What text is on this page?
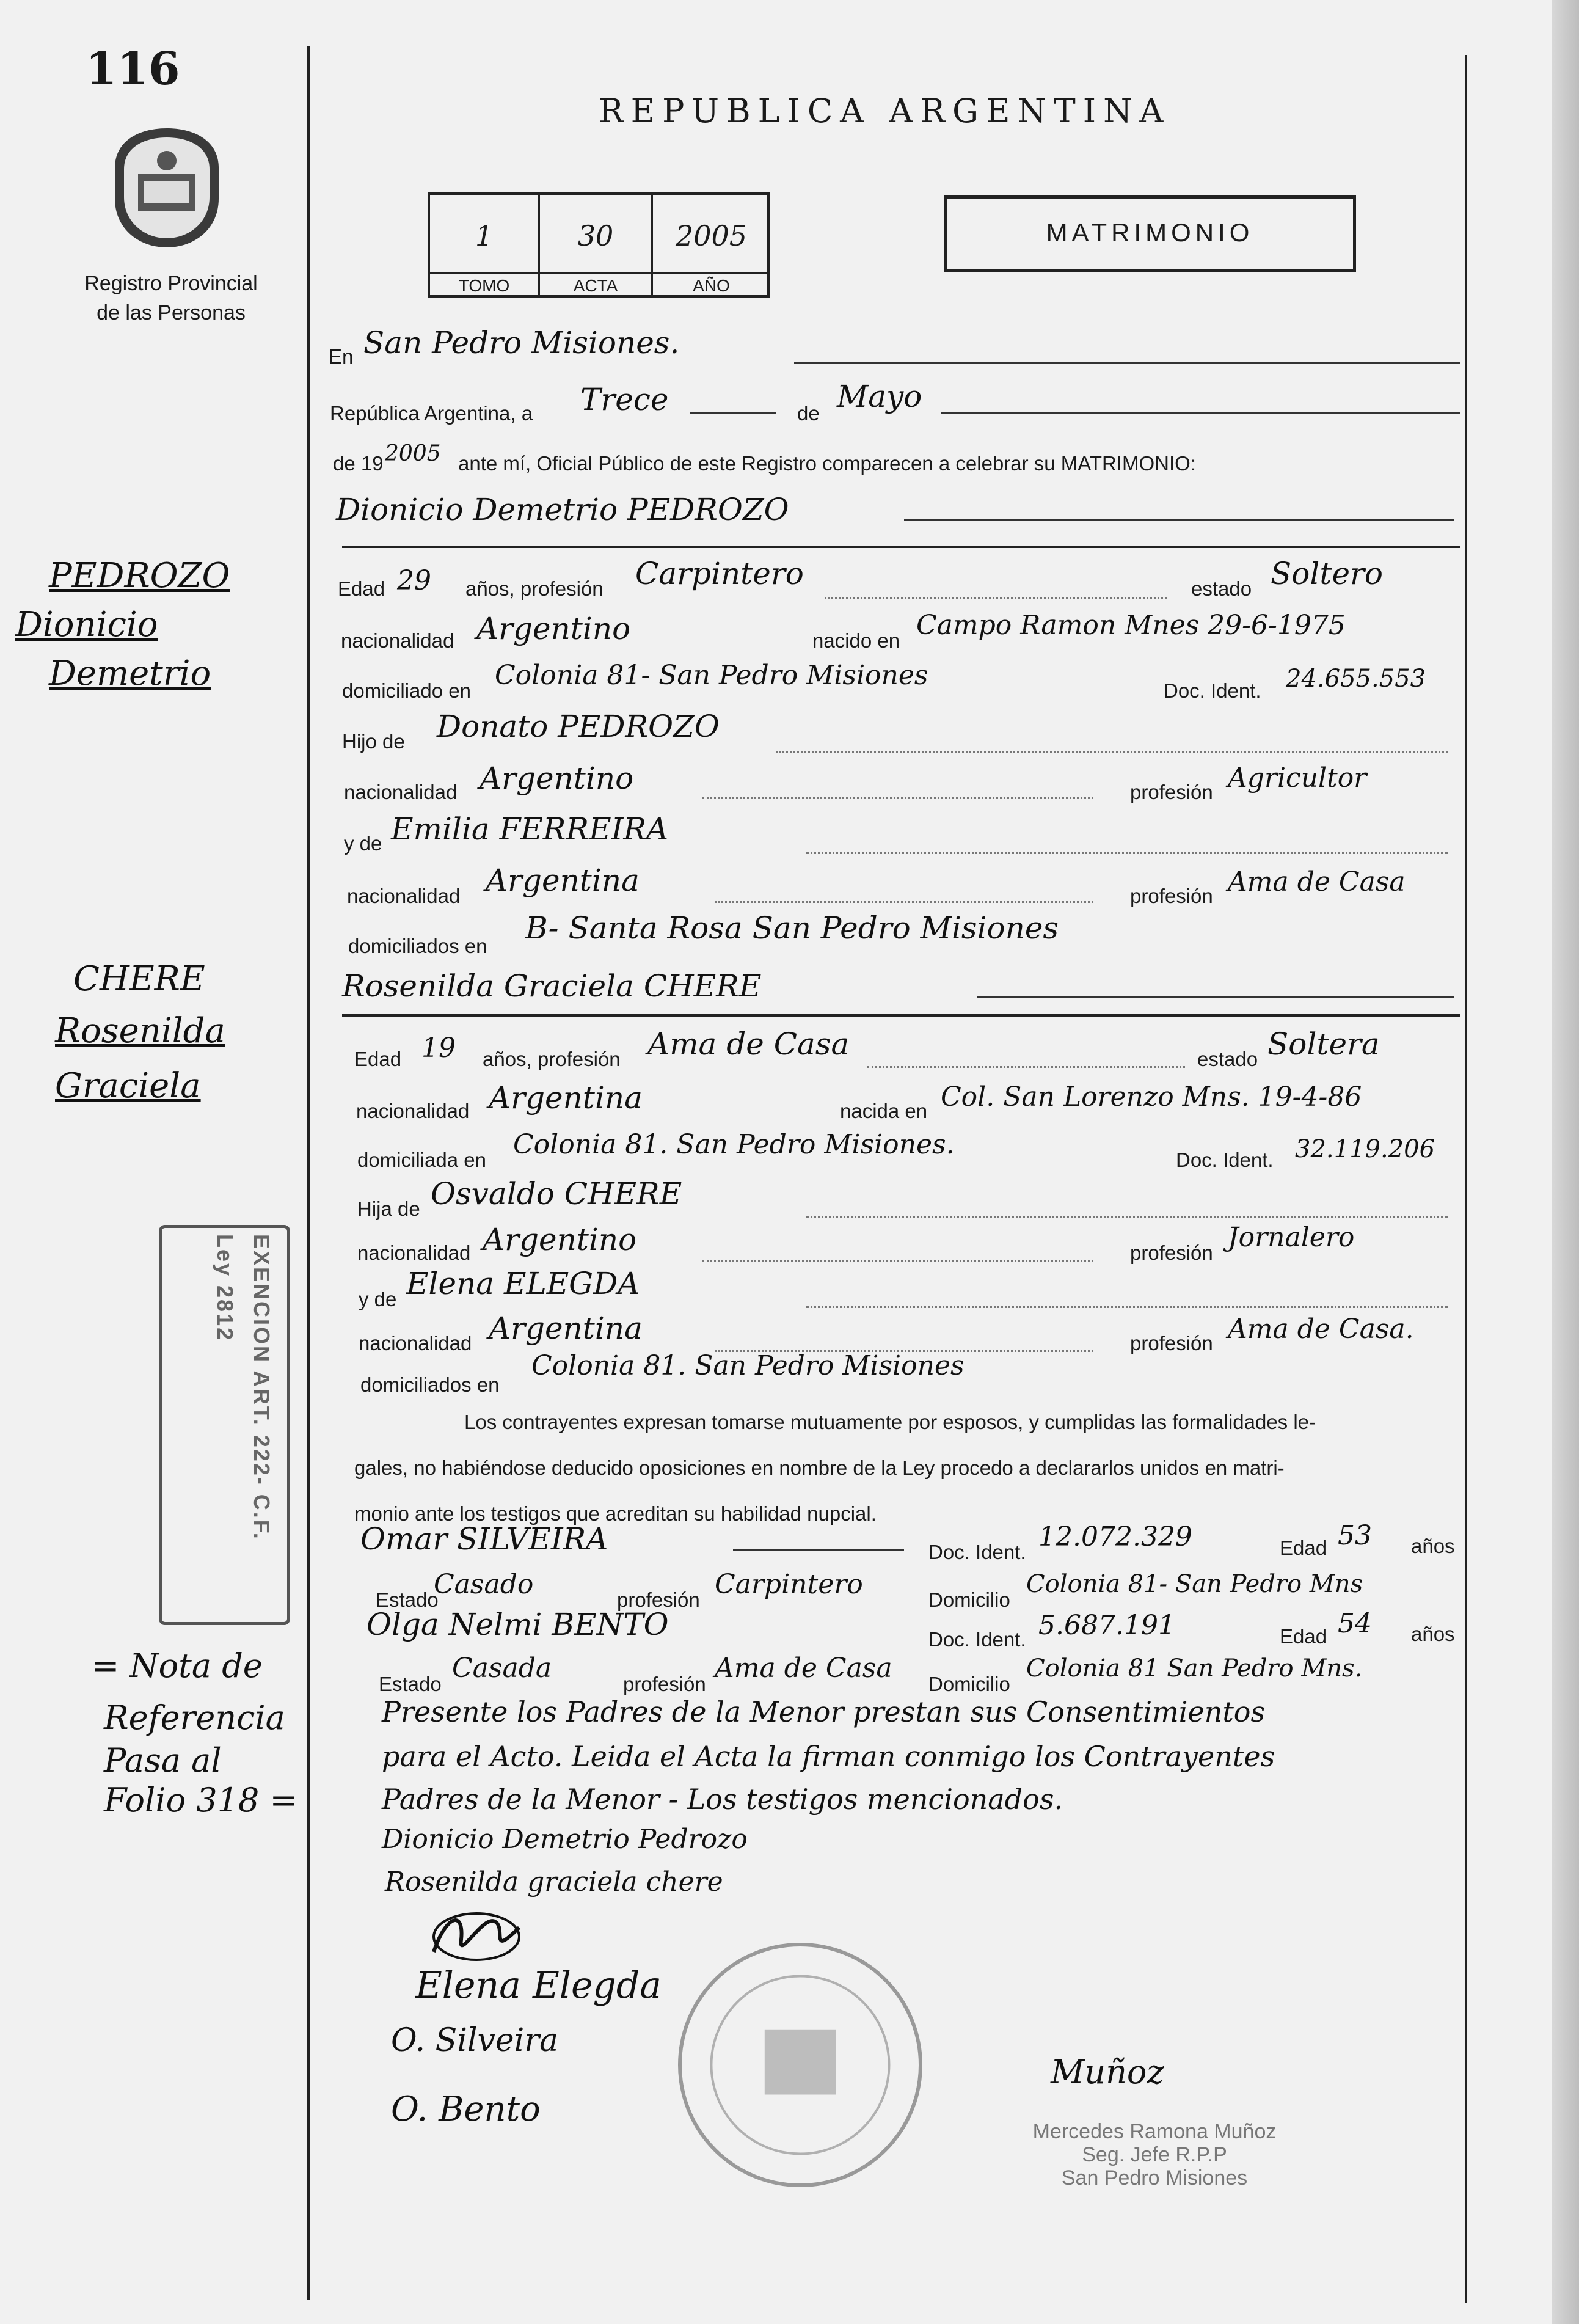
116
Registro Provincial
de las Personas
REPUBLICA ARGENTINA
1
TOMO
30
ACTA
2005
AÑO
MATRIMONIO
En San Pedro Misiones.
República Argentina, a Trece	de Mayo
de 19 2005 ante mí, Oficial Público de este Registro comparecen a celebrar su MATRIMONIO:
Dionicio Demetrio PEDROZO
Edad 29 años, profesión Carpintero	estado Soltero
nacionalidad Argentino	nacido en Campo Ramon Mnes 29-6-1975
domiciliado en Colonia 81- San Pedro Misiones	Doc. Ident. 24.655.553
Hijo de Donato PEDROZO
nacionalidad Argentino	profesión Agricultor
y de Emilia FERREIRA
nacionalidad Argentina	profesión Ama de Casa
domiciliados en
B- Santa Rosa San Pedro Misiones
Rosenilda Graciela CHERE
Edad 19 años, profesión Ama de Casa	estado Soltera
nacionalidad Argentina	nacida en Col. San Lorenzo Mns. 19-4-86
domiciliada en Colonia 81. San Pedro Misiones.	Doc. Ident. 32.119.206
Hija de Osvaldo CHERE
nacionalidad Argentino	profesión Jornalero
y de Elena ELEGDA
nacionalidad Argentina	profesión Ama de Casa.
domiciliados en
Colonia 81. San Pedro Misiones
Los contrayentes expresan tomarse mutuamente por esposos, y cumplidas las formalidades le-
gales, no habiéndose deducido oposiciones en nombre de la Ley procedo a declararlos unidos en matri-
monio ante los testigos que acreditan su habilidad nupcial.
Omar SILVEIRA	Doc. Ident. 12.072.329	Edad 53 años
Estado
Casado	profesión Carpintero	Domicilio
Colonia 81- San Pedro Mns
Olga Nelmi BENTO	Doc. Ident. 5.687.191	Edad 54 años
Estado
Casada
profesión
Ama de Casa
Domicilio
Colonia 81 San Pedro Mns.
Presente los Padres de la Menor prestan sus Consentimientos
para el Acto. Leida el Acta la firman conmigo los Contrayentes
Padres de la Menor - Los testigos mencionados.
Dionicio Demetrio Pedrozo
Rosenilda graciela chere
Elena Elegda
O. Silveira
O. Bento
Muñoz
Mercedes Ramona Muñoz
Seg. Jefe R.P.P
San Pedro Misiones
PEDROZO
Dionicio
Demetrio
CHERE
Rosenilda
Graciela
EXENCION ART. 222- C.F.
Ley 2812
= Nota de
Referencia
Pasa al
Folio 318 =
